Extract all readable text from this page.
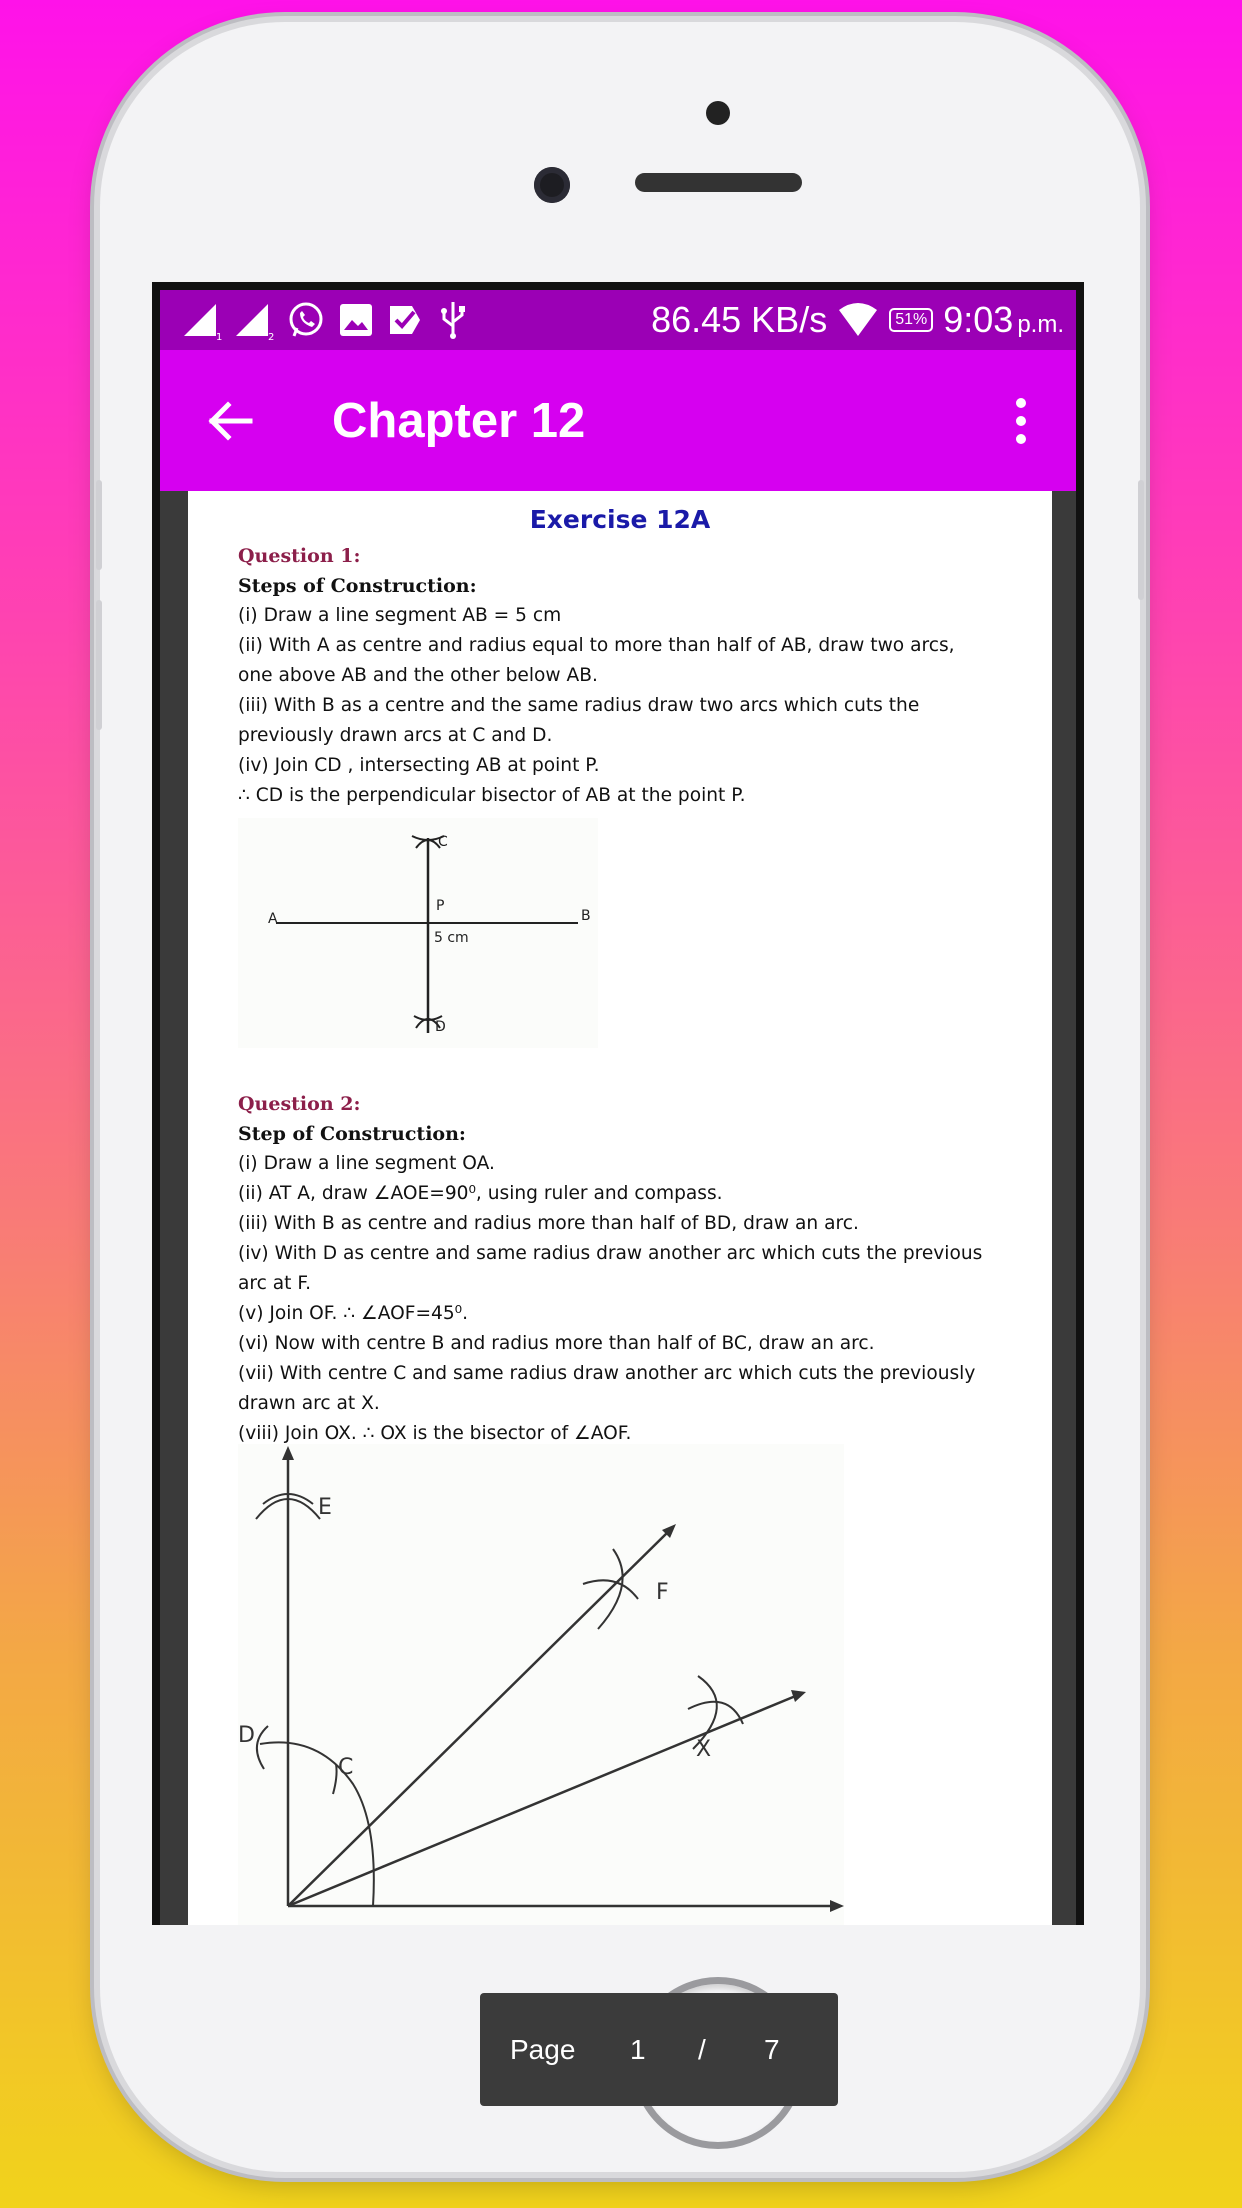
1	2	86.45 KB/s	51% 9:03 p.m.
Chapter 12
Exercise 12A
Question 1:
Steps of Construction:
(i) Draw a line segment AB = 5 cm
(ii) With A as centre and radius equal to more than half of AB, draw two arcs,
one above AB and the other below AB.
(iii) With B as a centre and the same radius draw two arcs which cuts the
previously drawn arcs at C and D.
(iv) Join CD , intersecting AB at point P.
∴ CD is the perpendicular bisector of AB at the point P.
C
D
A	B
P
5 cm
Question 2:
Step of Construction:
(i) Draw a line segment OA.
(ii) AT A, draw ∠AOE=90⁰, using ruler and compass.
(iii) With B as centre and radius more than half of BD, draw an arc.
(iv) With D as centre and same radius draw another arc which cuts the previous
arc at F.
(v) Join OF. ∴ ∠AOF=45⁰.
(vi) Now with centre B and radius more than half of BC, draw an arc.
(vii) With centre C and same radius draw another arc which cuts the previously
drawn arc at X.
(viii) Join OX. ∴ OX is the bisector of ∠AOF.
E
F
D
C
X
Page 1 / 7
